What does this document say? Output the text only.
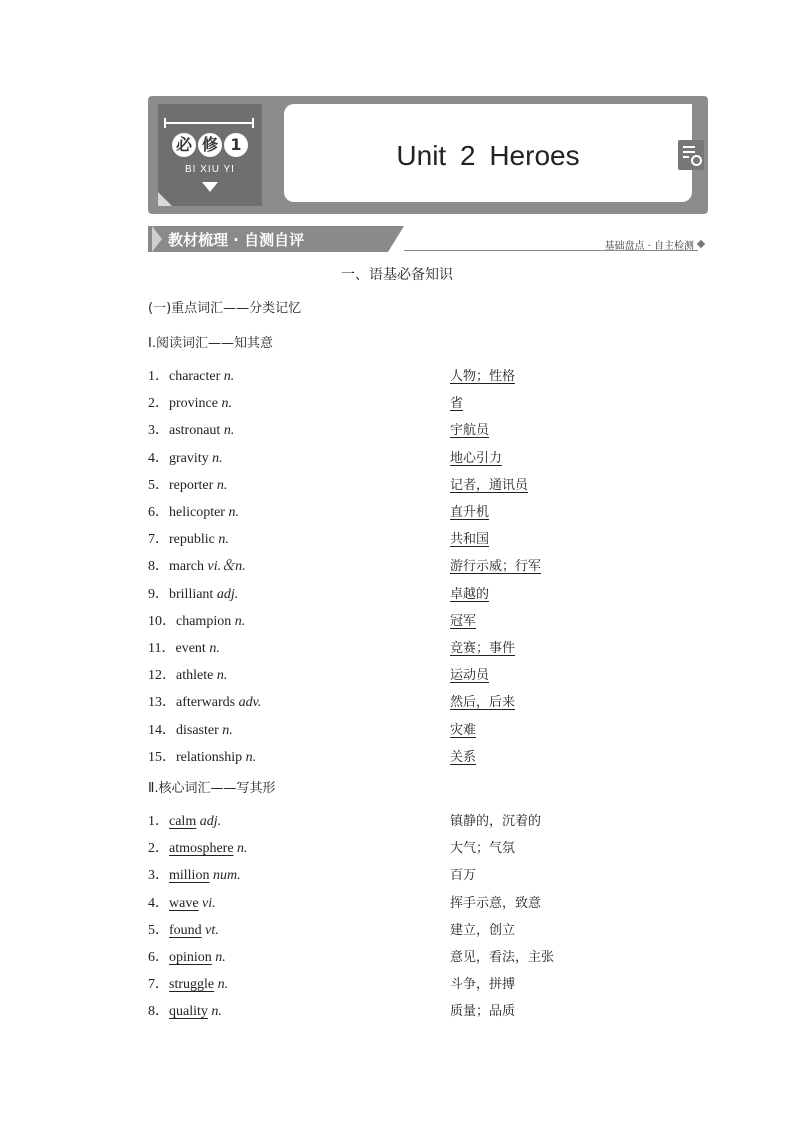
必 修 1
BI XIU YI	Unit 2 Heroes
教材梳理 · 自测自评	基础盘点 · 自主检测
一、语基必备知识
(一)重点词汇——分类记忆
Ⅰ.阅读词汇——知其意
1．character n.	人物；性格
2．province n.	省
3．astronaut n.	宇航员
4．gravity n.	地心引力
5．reporter n.	记者，通讯员
6．helicopter n.	直升机
7．republic n.	共和国
8．march vi.＆n.	游行示威；行军
9．brilliant adj.	卓越的
10．champion n.	冠军
11．event n.	竞赛；事件
12．athlete n.	运动员
13．afterwards adv.	然后，后来
14．disaster n.	灾难
15．relationship n.	关系
Ⅱ.核心词汇——写其形
1．calm adj.	镇静的，沉着的
2．atmosphere n.	大气；气氛
3．million num.	百万
4．wave vi.	挥手示意，致意
5．found vt.	建立，创立
6．opinion n.	意见，看法，主张
7．struggle n.	斗争，拼搏
8．quality n.	质量；品质
